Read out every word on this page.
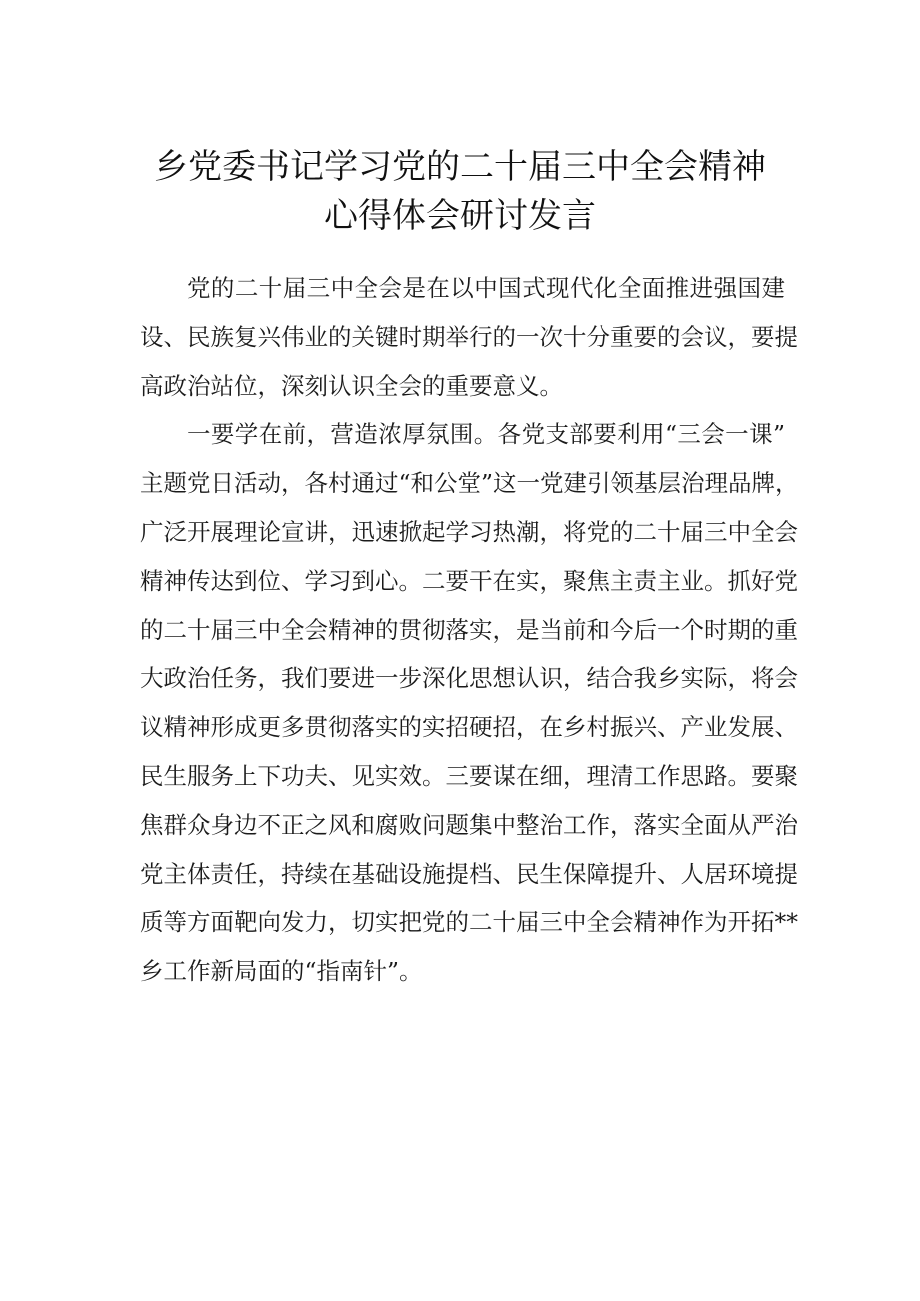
乡党委书记学习党的二十届三中全会精神
心得体会研讨发言
党的二十届三中全会是在以中国式现代化全面推进强国建
设、民族复兴伟业的关键时期举行的一次十分重要的会议，要提
高政治站位，深刻认识全会的重要意义。
一要学在前，营造浓厚氛围。各党支部要利用“三会一课”
主题党日活动，各村通过“和公堂”这一党建引领基层治理品牌，
广泛开展理论宣讲，迅速掀起学习热潮，将党的二十届三中全会
精神传达到位、学习到心。二要干在实，聚焦主责主业。抓好党
的二十届三中全会精神的贯彻落实，是当前和今后一个时期的重
大政治任务，我们要进一步深化思想认识，结合我乡实际，将会
议精神形成更多贯彻落实的实招硬招，在乡村振兴、产业发展、
民生服务上下功夫、见实效。三要谋在细，理清工作思路。要聚
焦群众身边不正之风和腐败问题集中整治工作，落实全面从严治
党主体责任，持续在基础设施提档、民生保障提升、人居环境提
质等方面靶向发力，切实把党的二十届三中全会精神作为开拓**
乡工作新局面的“指南针”。
